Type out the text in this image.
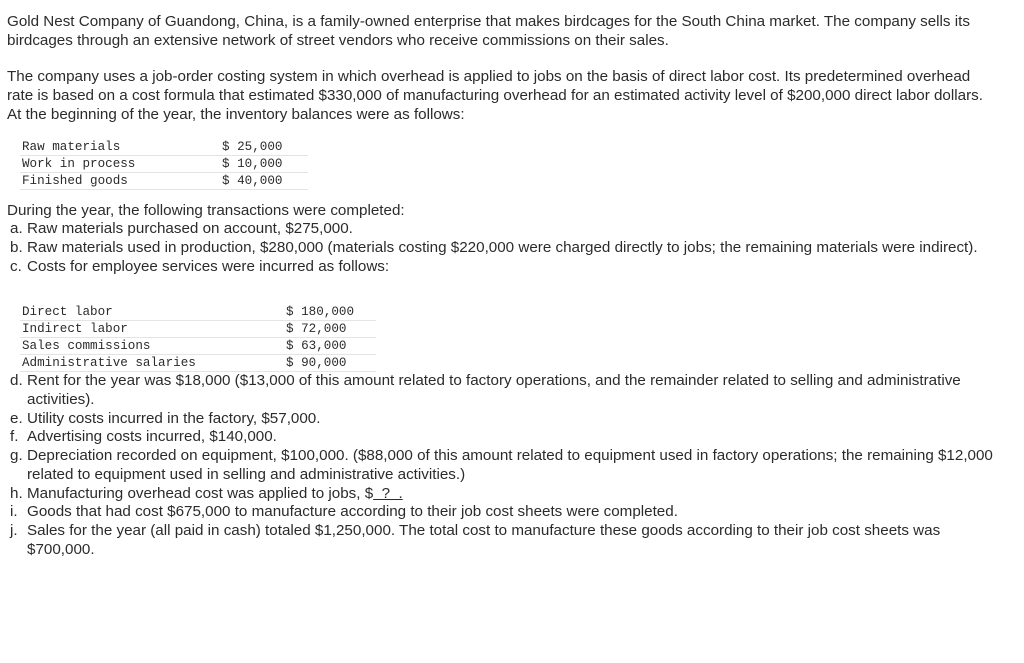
Gold Nest Company of Guandong, China, is a family-owned enterprise that makes birdcages for the South China market. The company sells its birdcages through an extensive network of street vendors who receive commissions on their sales.

The company uses a job-order costing system in which overhead is applied to jobs on the basis of direct labor cost. Its predetermined overhead rate is based on a cost formula that estimated $330,000 of manufacturing overhead for an estimated activity level of $200,000 direct labor dollars. At the beginning of the year, the inventory balances were as follows:

Raw materials	$ 25,000
Work in process	$ 10,000
Finished goods	$ 40,000

During the year, the following transactions were completed:

a. Raw materials purchased on account, $275,000.
b. Raw materials used in production, $280,000 (materials costing $220,000 were charged directly to jobs; the remaining materials were indirect).
c. Costs for employee services were incurred as follows:
Direct labor	$ 180,000
Indirect labor	$ 72,000
Sales commissions	$ 63,000
Administrative salaries	$ 90,000
d. Rent for the year was $18,000 ($13,000 of this amount related to factory operations, and the remainder related to selling and administrative activities).
e. Utility costs incurred in the factory, $57,000.
f. Advertising costs incurred, $140,000.
g. Depreciation recorded on equipment, $100,000. ($88,000 of this amount related to equipment used in factory operations; the remaining $12,000 related to equipment used in selling and administrative activities.)
h. Manufacturing overhead cost was applied to jobs, $  ?  .
i. Goods that had cost $675,000 to manufacture according to their job cost sheets were completed.
j. Sales for the year (all paid in cash) totaled $1,250,000. The total cost to manufacture these goods according to their job cost sheets was $700,000.
